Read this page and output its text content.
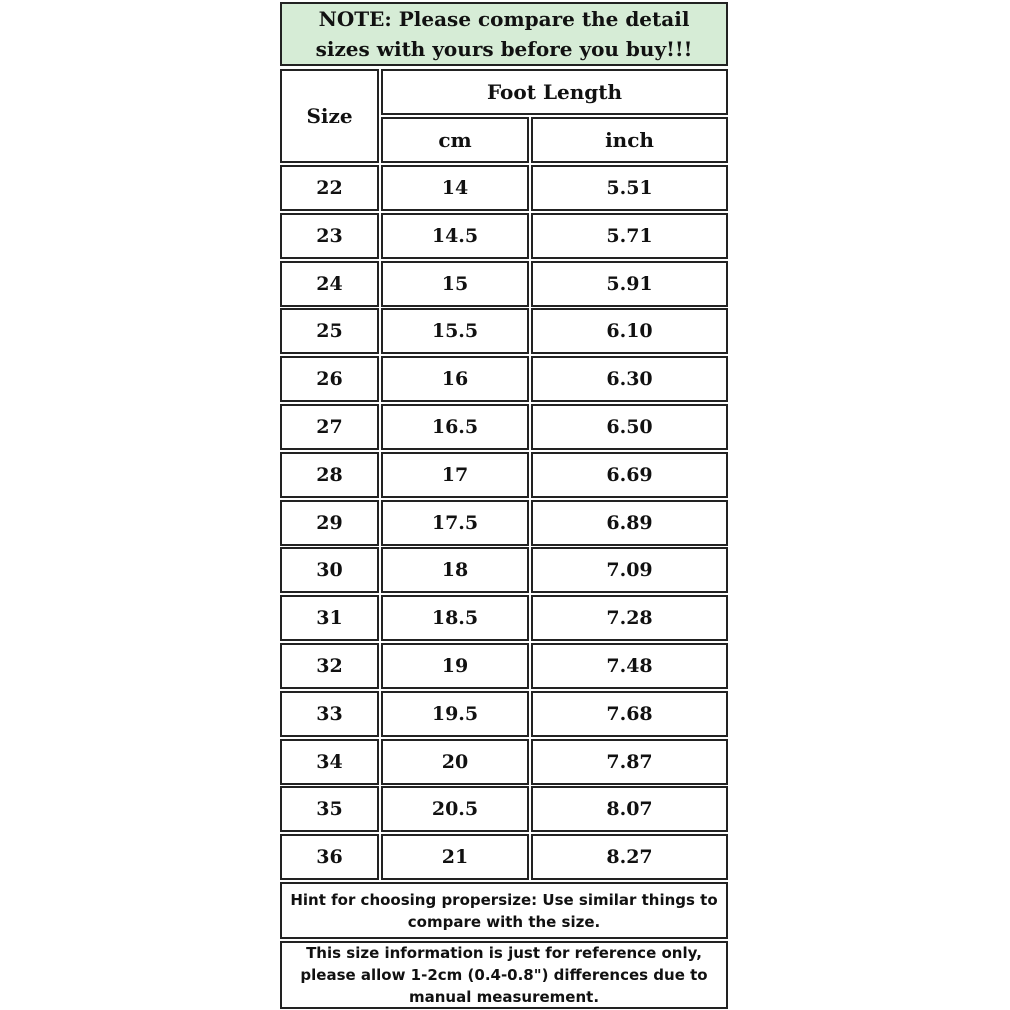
NOTE: Please compare the detail sizes with yours before you buy!!!
Size
Foot Length
cm	inch
22	14	5.51
23	14.5	5.71
24	15	5.91
25	15.5	6.10
26	16	6.30
27	16.5	6.50
28	17	6.69
29	17.5	6.89
30	18	7.09
31	18.5	7.28
32	19	7.48
33	19.5	7.68
34	20	7.87
35	20.5	8.07
36	21	8.27
Hint for choosing propersize: Use similar things to compare with the size.
This size information is just for reference only, please allow 1-2cm (0.4-0.8") differences due to manual measurement.
